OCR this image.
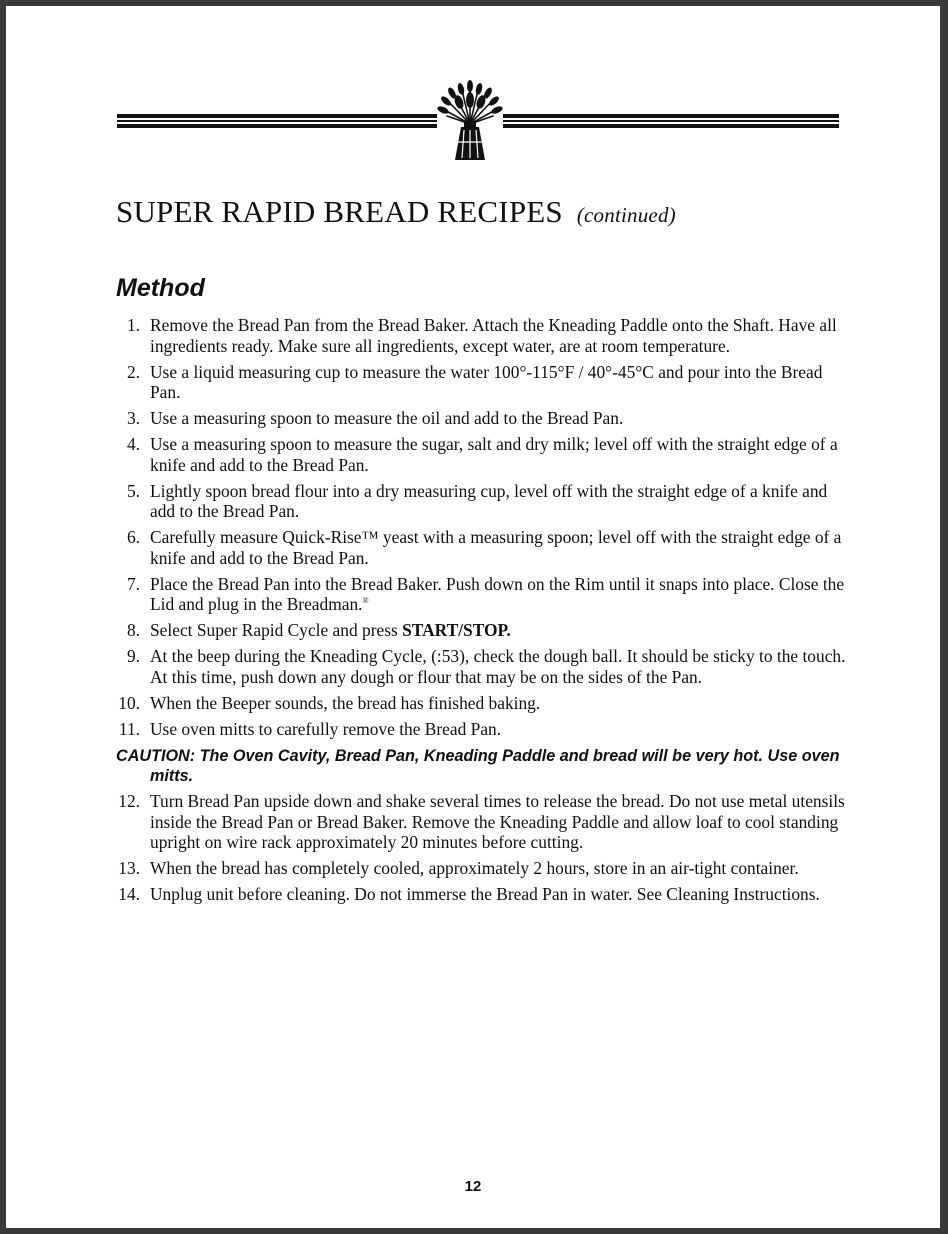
SUPER RAPID BREAD RECIPES (continued)
Method
1. Remove the Bread Pan from the Bread Baker. Attach the Kneading Paddle onto the Shaft. Have all ingredients ready. Make sure all ingredients, except water, are at room temperature.
2. Use a liquid measuring cup to measure the water 100°-115°F / 40°-45°C and pour into the Bread Pan.
3. Use a measuring spoon to measure the oil and add to the Bread Pan.
4. Use a measuring spoon to measure the sugar, salt and dry milk; level off with the straight edge of a knife and add to the Bread Pan.
5. Lightly spoon bread flour into a dry measuring cup, level off with the straight edge of a knife and add to the Bread Pan.
6. Carefully measure Quick-Rise™ yeast with a measuring spoon; level off with the straight edge of a knife and add to the Bread Pan.
7. Place the Bread Pan into the Bread Baker. Push down on the Rim until it snaps into place. Close the Lid and plug in the Breadman.®
8. Select Super Rapid Cycle and press START/STOP.
9. At the beep during the Kneading Cycle, (:53), check the dough ball. It should be sticky to the touch. At this time, push down any dough or flour that may be on the sides of the Pan.
10. When the Beeper sounds, the bread has finished baking.
11. Use oven mitts to carefully remove the Bread Pan.
CAUTION: The Oven Cavity, Bread Pan, Kneading Paddle and bread will be very hot. Use oven mitts.
12. Turn Bread Pan upside down and shake several times to release the bread. Do not use metal utensils inside the Bread Pan or Bread Baker. Remove the Kneading Paddle and allow loaf to cool standing upright on wire rack approximately 20 minutes before cutting.
13. When the bread has completely cooled, approximately 2 hours, store in an air-tight container.
14. Unplug unit before cleaning. Do not immerse the Bread Pan in water. See Cleaning Instructions.
12
